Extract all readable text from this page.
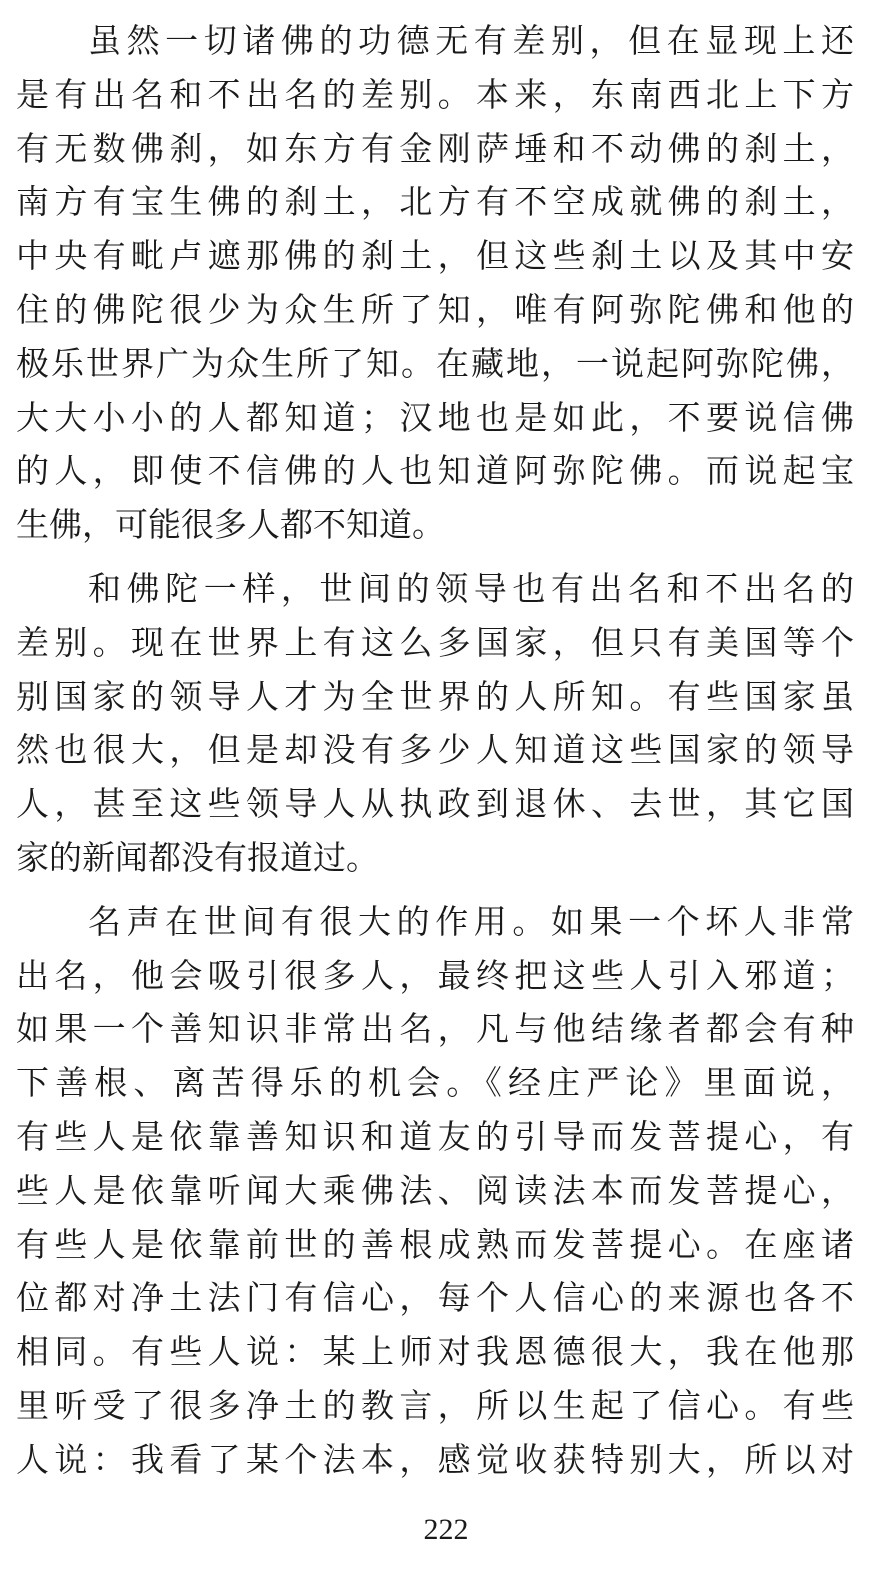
虽然一切诸佛的功德无有差别，但在显现上还
是有出名和不出名的差别。本来，东南西北上下方
有无数佛刹，如东方有金刚萨埵和不动佛的刹土，
南方有宝生佛的刹土，北方有不空成就佛的刹土，
中央有毗卢遮那佛的刹土，但这些刹土以及其中安
住的佛陀很少为众生所了知，唯有阿弥陀佛和他的
极乐世界广为众生所了知。在藏地，一说起阿弥陀佛，
大大小小的人都知道；汉地也是如此，不要说信佛
的人，即使不信佛的人也知道阿弥陀佛。而说起宝
生佛，可能很多人都不知道。
和佛陀一样，世间的领导也有出名和不出名的
差别。现在世界上有这么多国家，但只有美国等个
别国家的领导人才为全世界的人所知。有些国家虽
然也很大，但是却没有多少人知道这些国家的领导
人，甚至这些领导人从执政到退休、去世，其它国
家的新闻都没有报道过。
名声在世间有很大的作用。如果一个坏人非常
出名，他会吸引很多人，最终把这些人引入邪道；
如果一个善知识非常出名，凡与他结缘者都会有种
下善根、离苦得乐的机会。《经庄严论》里面说，
有些人是依靠善知识和道友的引导而发菩提心，有
些人是依靠听闻大乘佛法、阅读法本而发菩提心，
有些人是依靠前世的善根成熟而发菩提心。在座诸
位都对净土法门有信心，每个人信心的来源也各不
相同。有些人说：某上师对我恩德很大，我在他那
里听受了很多净土的教言，所以生起了信心。有些
人说：我看了某个法本，感觉收获特别大，所以对
222
